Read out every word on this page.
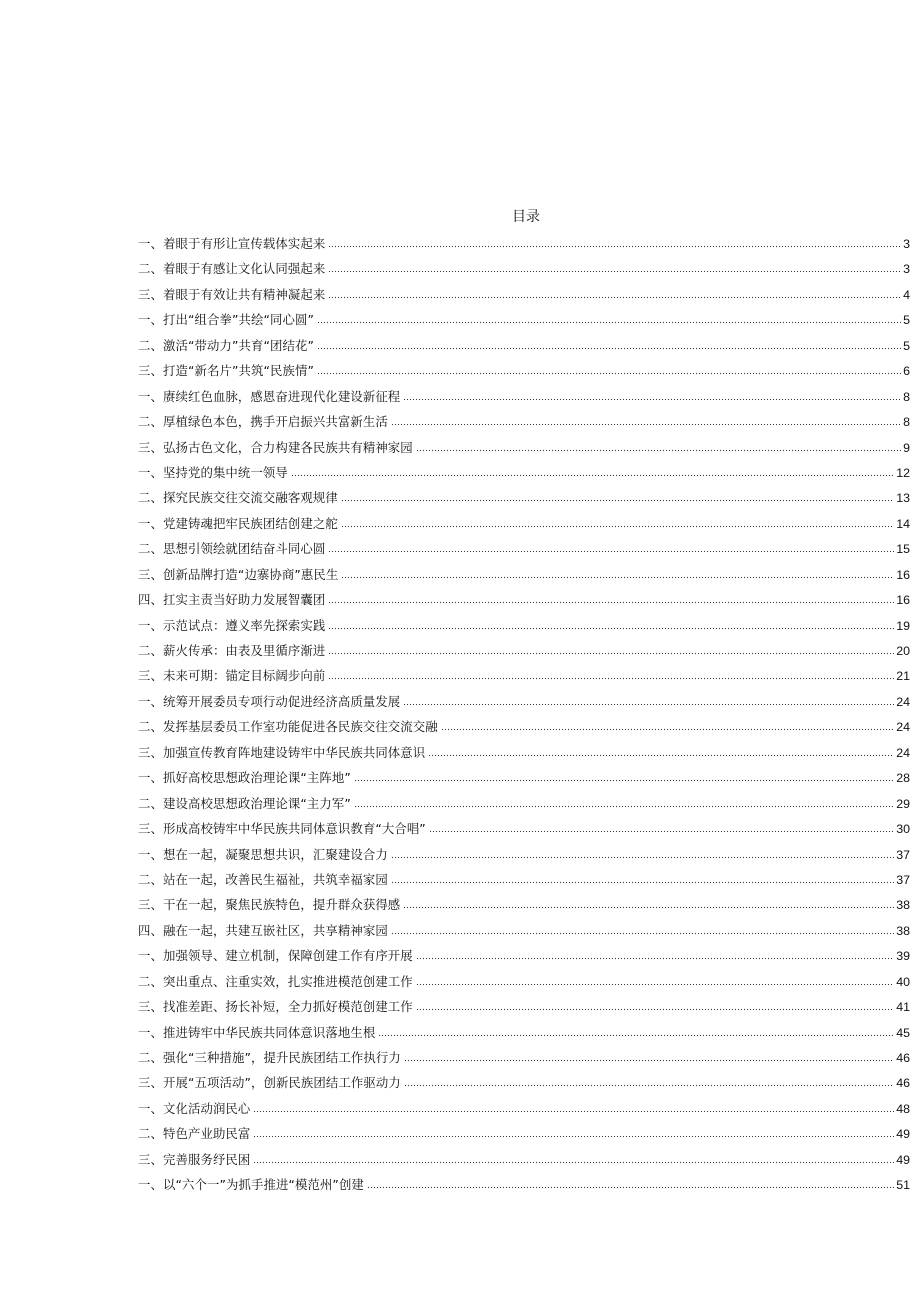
目录
一、着眼于有形让宣传载体实起来	3
二、着眼于有感让文化认同强起来	3
三、着眼于有效让共有精神凝起来	4
一、打出“组合拳”共绘“同心圆”	5
二、激活“带动力”共育“团结花”	5
三、打造“新名片”共筑“民族情”	6
一、赓续红色血脉，感恩奋进现代化建设新征程	8
二、厚植绿色本色，携手开启振兴共富新生活	8
三、弘扬古色文化，合力构建各民族共有精神家园	9
一、坚持党的集中统一领导	12
二、探究民族交往交流交融客观规律	13
一、党建铸魂把牢民族团结创建之舵	14
二、思想引领绘就团结奋斗同心圆	15
三、创新品牌打造“边寨协商”惠民生	16
四、扛实主责当好助力发展智囊团	16
一、示范试点：遵义率先探索实践	19
二、薪火传承：由表及里循序渐进	20
三、未来可期：锚定目标阔步向前	21
一、统筹开展委员专项行动促进经济高质量发展	24
二、发挥基层委员工作室功能促进各民族交往交流交融	24
三、加强宣传教育阵地建设铸牢中华民族共同体意识	24
一、抓好高校思想政治理论课“主阵地”	28
二、建设高校思想政治理论课“主力军”	29
三、形成高校铸牢中华民族共同体意识教育“大合唱”	30
一、想在一起，凝聚思想共识，汇聚建设合力	37
二、站在一起，改善民生福祉，共筑幸福家园	37
三、干在一起，聚焦民族特色，提升群众获得感	38
四、融在一起，共建互嵌社区，共享精神家园	38
一、加强领导、建立机制，保障创建工作有序开展	39
二、突出重点、注重实效，扎实推进模范创建工作	40
三、找准差距、扬长补短，全力抓好模范创建工作	41
一、推进铸牢中华民族共同体意识落地生根	45
二、强化“三种措施”，提升民族团结工作执行力	46
三、开展“五项活动”，创新民族团结工作驱动力	46
一、文化活动润民心	48
二、特色产业助民富	49
三、完善服务纾民困	49
一、以“六个一”为抓手推进“模范州”创建	51
